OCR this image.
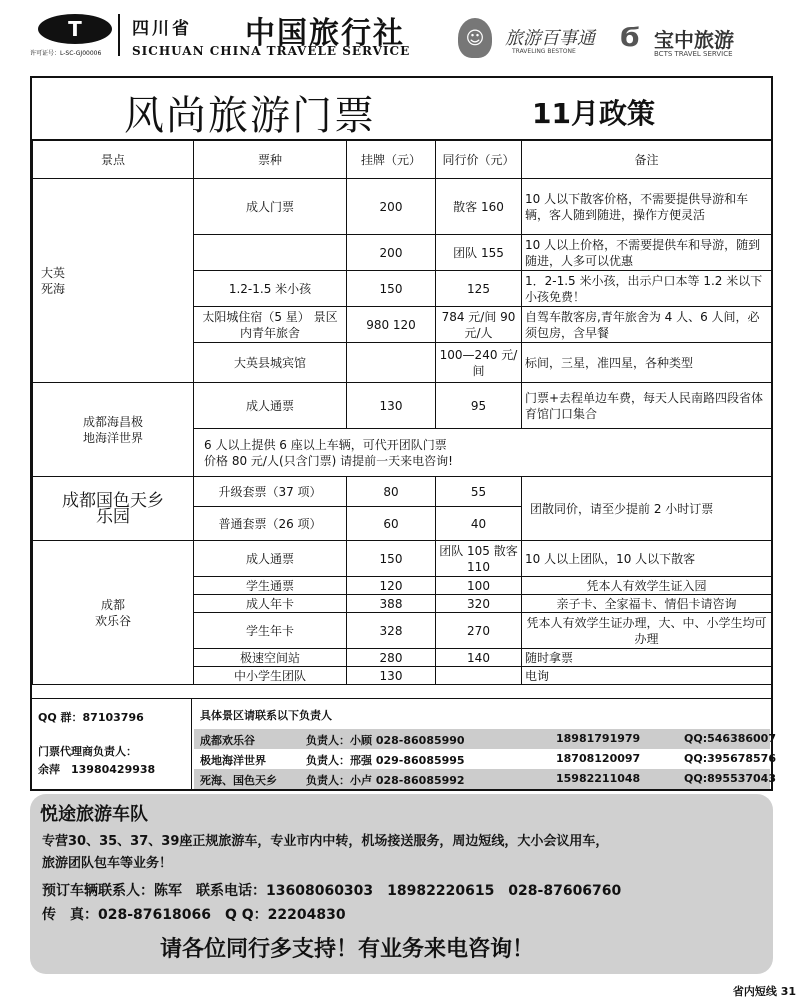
T
许可证号：L-SC-GJ00006
四川省 中国旅行社
SICHUAN CHINA TRAVELE SERVICE
☺	旅游百事通
TRAVELING BESTONE Ϭ 宝中旅游
BCTS TRAVEL SERVICE
风尚旅游门票	11月政策
景点	票种	挂牌（元）	同行价（元）	备注

大英
死海	成人门票	200	散客 160	10 人以下散客价格，不需要提供导游和车辆，客人随到随进，操作方便灵活
		200	团队 155	10 人以上价格，不需要提供车和导游，随到随进，人多可以优惠
	1.2-1.5 米小孩	150	125	1．2-1.5 米小孩，出示户口本等 1.2 米以下小孩免费！
	太阳城住宿（5 星） 景区内青年旅舍	980 120	784 元/间 90 元/人	自驾车散客房,青年旅舍为 4 人、6 人间，必须包房，含早餐
	大英县城宾馆		100—240 元/间	标间，三星，准四星，各种类型

成都海昌极
地海洋世界	成人通票	130	95	门票+去程单边车费，每天人民南路四段省体育馆门口集合

	6 人以上提供 6 座以上车辆，可代开团队门票
价格 80 元/人(只含门票) 请提前一天来电咨询!			

成都国色天乡
乐园	升级套票（37 项）	80	55	团散同价，请至少提前 2 小时订票
	普通套票（26 项）	60	40	

成都
欢乐谷	成人通票	150	团队 105 散客 110	10 人以上团队，10 人以下散客
	学生通票	120	100	凭本人有效学生证入园
	成人年卡	388	320	亲子卡、全家福卡、情侣卡请咨询
	学生年卡	328	270	凭本人有效学生证办理，大、中、小学生均可办理
	极速空间站	280	140	随时拿票
	中小学生团队	130		电询
QQ 群：87103796
门票代理商负责人：
余萍　13980429938
具体景区请联系以下负责人
成都欢乐谷	负责人：小顾 028-86085990	18981791979	QQ:546386007
极地海洋世界	负责人：邢强 029-86085995	18708120097	QQ:395678576
死海、国色天乡	负责人：小卢 028-86085992	15982211048	QQ:895537043
悦途旅游车队
专营30、35、37、39座正规旅游车，专业市内中转，机场接送服务，周边短线，大小会议用车，
旅游团队包车等业务！
预订车辆联系人：陈军　联系电话：13608060303　18982220615　028-87606760
传　真：028-87618066　Q Q：22204830
请各位同行多支持！有业务来电咨询！
省内短线 31
